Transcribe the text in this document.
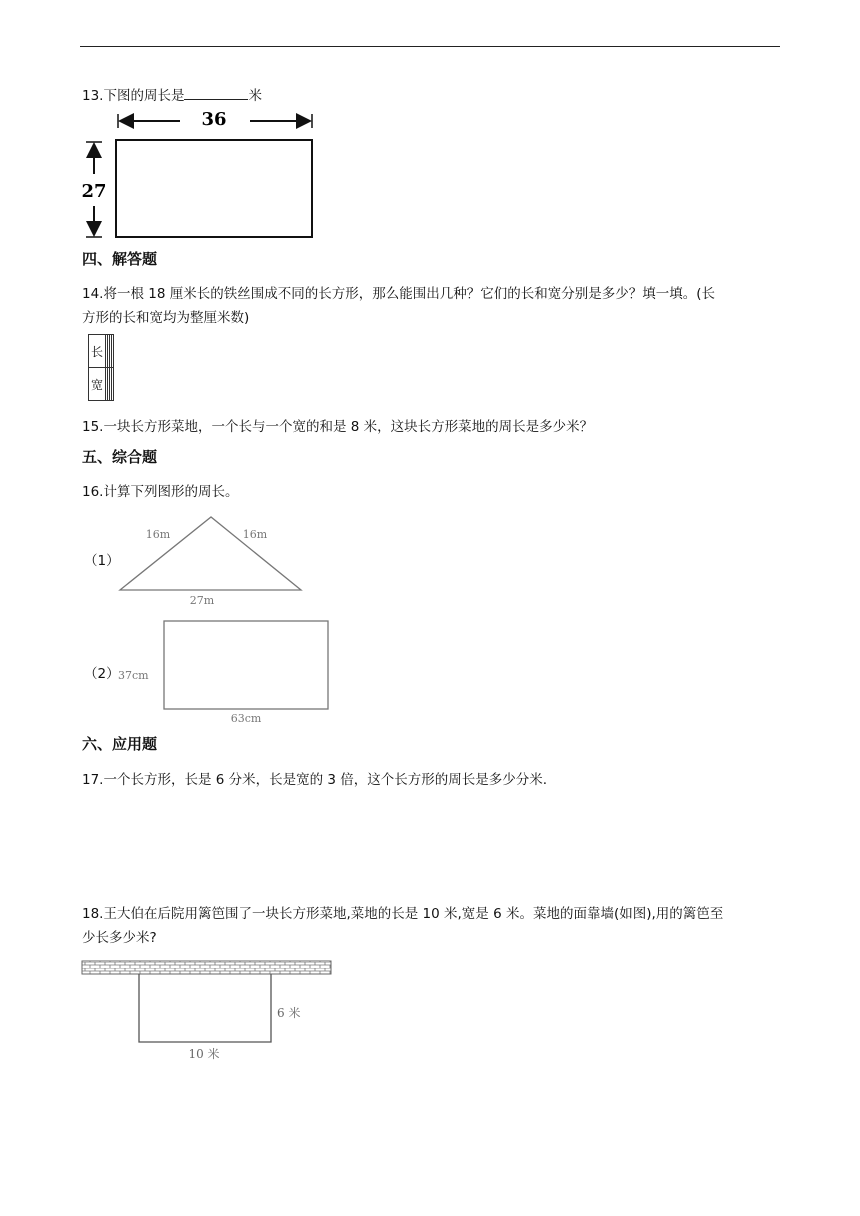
13.下图的周长是	米
36
27
四、解答题
14.将一根 18 厘米长的铁丝围成不同的长方形，那么能围出几种？它们的长和宽分别是多少？填一填。(长
方形的长和宽均为整厘米数)
长				
宽				
15.一块长方形菜地，一个长与一个宽的和是 8 米，这块长方形菜地的周长是多少米？
五、综合题
16.计算下列图形的周长。
（1）
16m	16m
27m
（2）
37cm
63cm
六、应用题
17.一个长方形，长是 6 分米，长是宽的 3 倍，这个长方形的周长是多少分米.
18.王大伯在后院用篱笆围了一块长方形菜地,菜地的长是 10 米,宽是 6 米。菜地的面靠墙(如图),用的篱笆至
少长多少米?
6 米
10 米
